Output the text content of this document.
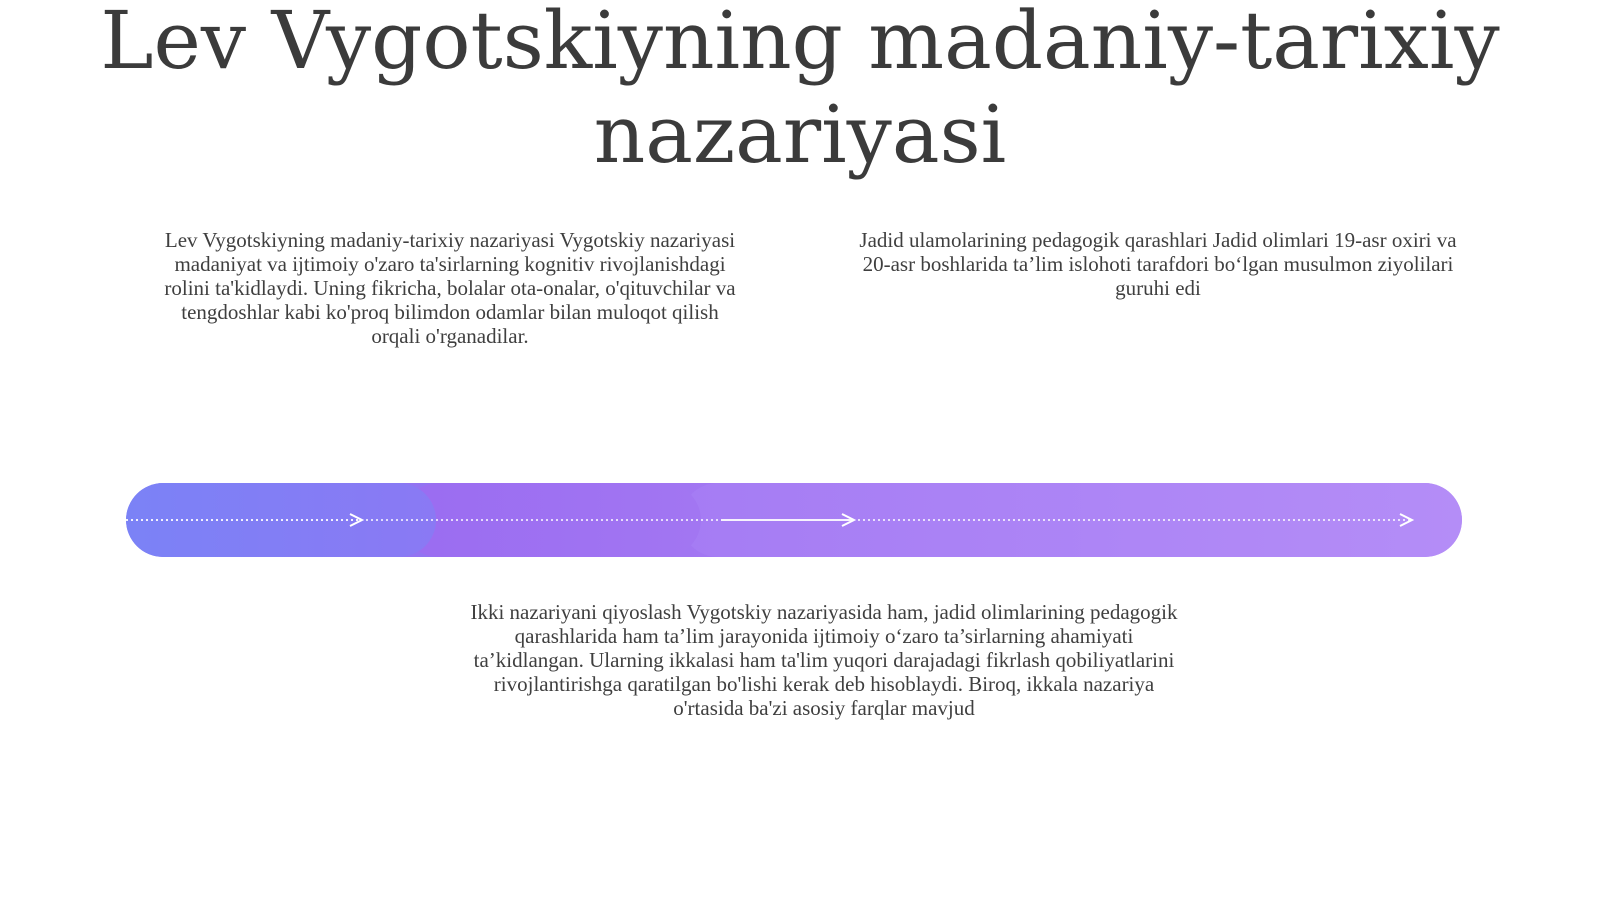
Lev Vygotskiyning madaniy-tarixiy nazariyasi

Lev Vygotskiyning madaniy-tarixiy nazariyasi Vygotskiy nazariyasi madaniyat va ijtimoiy o'zaro ta'sirlarning kognitiv rivojlanishdagi rolini ta'kidlaydi. Uning fikricha, bolalar ota-onalar, o'qituvchilar va tengdoshlar kabi ko'proq bilimdon odamlar bilan muloqot qilish orqali o'rganadilar.

Jadid ulamolarining pedagogik qarashlari Jadid olimlari 19-asr oxiri va 20-asr boshlarida ta’lim islohoti tarafdori bo‘lgan musulmon ziyolilari guruhi edi

Ikki nazariyani qiyoslash Vygotskiy nazariyasida ham, jadid olimlarining pedagogik qarashlarida ham ta’lim jarayonida ijtimoiy o‘zaro ta’sirlarning ahamiyati ta’kidlangan. Ularning ikkalasi ham ta'lim yuqori darajadagi fikrlash qobiliyatlarini rivojlantirishga qaratilgan bo'lishi kerak deb hisoblaydi. Biroq, ikkala nazariya o'rtasida ba'zi asosiy farqlar mavjud
